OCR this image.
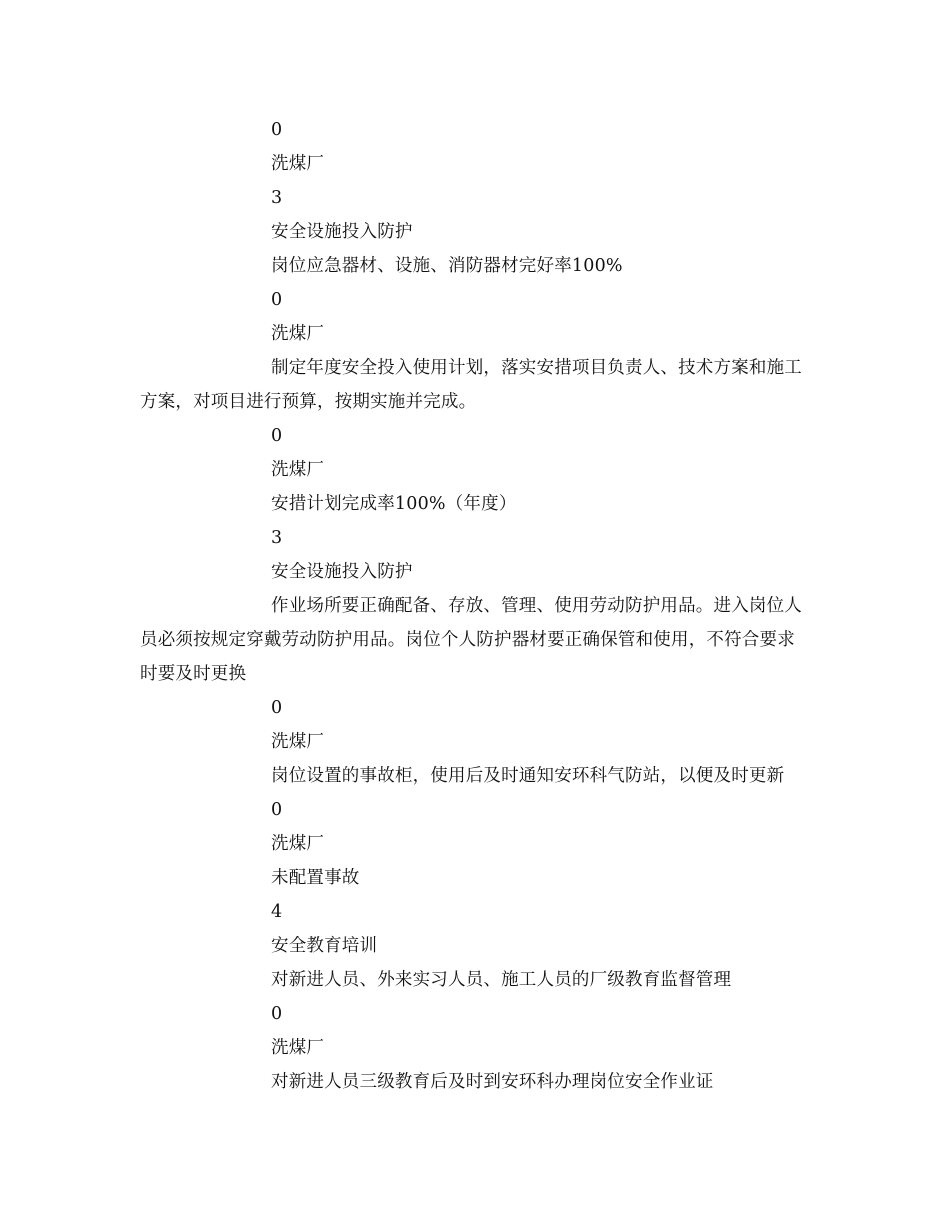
0

洗煤厂

3

安全设施投入防护

岗位应急器材、设施、消防器材完好率100%

0

洗煤厂

制定年度安全投入使用计划，落实安措项目负责人、技术方案和施工方案，对项目进行预算，按期实施并完成。

0

洗煤厂

安措计划完成率100%（年度）

3

安全设施投入防护

作业场所要正确配备、存放、管理、使用劳动防护用品。进入岗位人员必须按规定穿戴劳动防护用品。岗位个人防护器材要正确保管和使用，不符合要求时要及时更换

0

洗煤厂

岗位设置的事故柜，使用后及时通知安环科气防站，以便及时更新

0

洗煤厂

未配置事故

4

安全教育培训

对新进人员、外来实习人员、施工人员的厂级教育监督管理

0

洗煤厂

对新进人员三级教育后及时到安环科办理岗位安全作业证
